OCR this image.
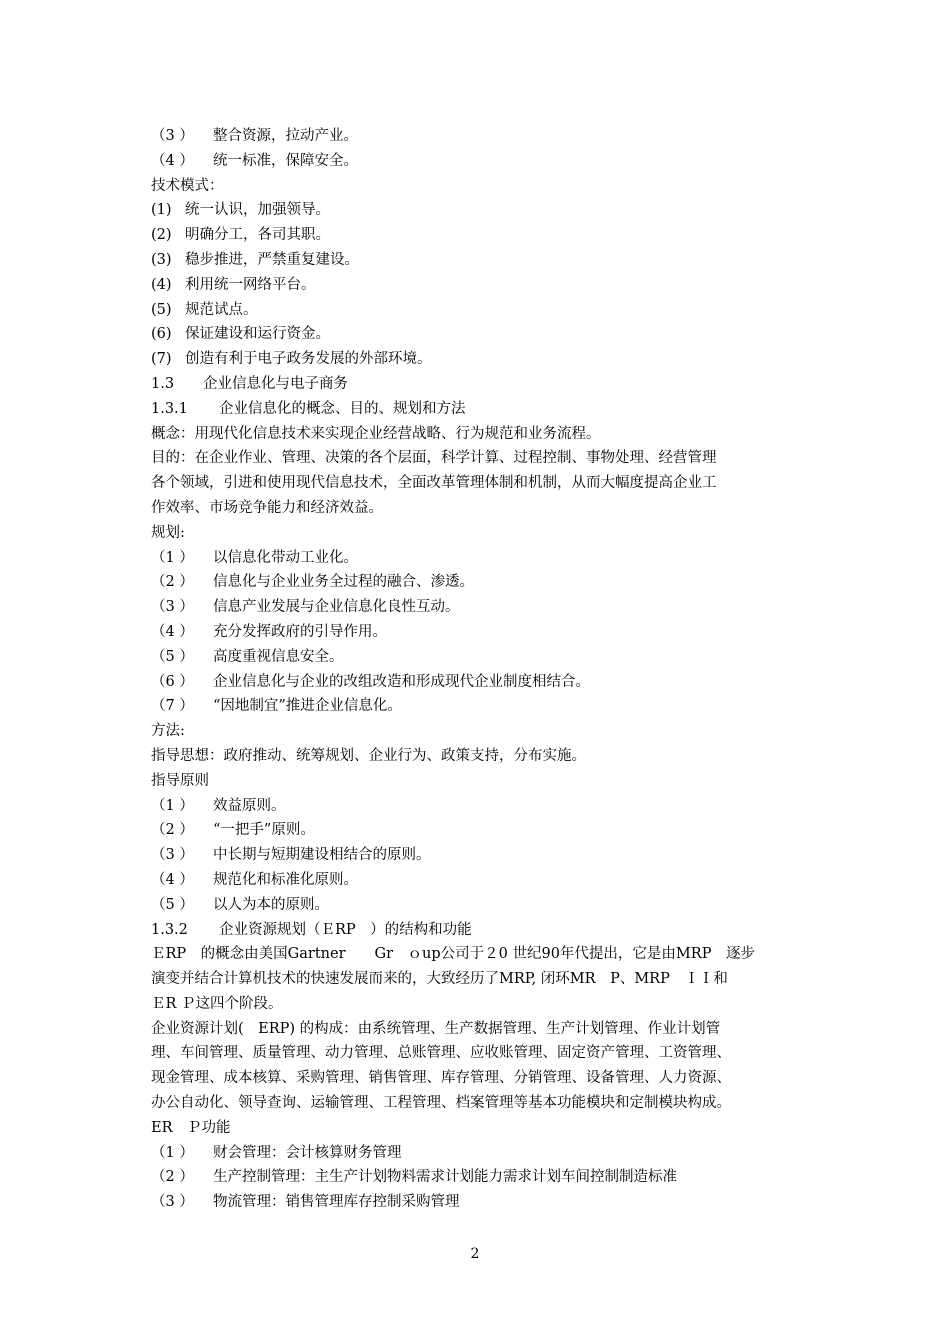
（3 ） 整合资源，拉动产业。
（4 ） 统一标准，保障安全。
技术模式：
(1) 统一认识，加强领导。
(2) 明确分工，各司其职。
(3) 稳步推进，严禁重复建设。
(4) 利用统一网络平台。
(5) 规范试点。
(6) 保证建设和运行资金。
(7) 创造有利于电子政务发展的外部环境。
1.3 企业信息化与电子商务
1.3.1 企业信息化的概念、目的、规划和方法
概念：用现代化信息技术来实现企业经营战略、行为规范和业务流程。
目的：在企业作业、管理、决策的各个层面，科学计算、过程控制、事物处理、经营管理
各个领域，引进和使用现代信息技术，全面改革管理体制和机制，从而大幅度提高企业工
作效率、市场竞争能力和经济效益。
规划:
（1 ） 以信息化带动工业化。
（2 ） 信息化与企业业务全过程的融合、渗透。
（3 ） 信息产业发展与企业信息化良性互动。
（4 ） 充分发挥政府的引导作用。
（5 ） 高度重视信息安全。
（6 ） 企业信息化与企业的改组改造和形成现代企业制度相结合。
（7 ） “因地制宜”推进企业信息化。
方法:
指导思想：政府推动、统筹规划、企业行为、政策支持，分布实施。
指导原则
（1 ） 效益原则。
（2 ） “一把手”原则。
（3 ） 中长期与短期建设相结合的原则。
（4 ） 规范化和标准化原则。
（5 ） 以人为本的原则。
1.3.2 企业资源规划（ＥRP　）的结构和功能
ＥRP　的概念由美国Gartner　　Gr　ｏup公司于２0 世纪90年代提出，它是由MRP　逐步
演变并结合计算机技术的快速发展而来的，大致经历了MRP, 闭环MR　P、MRP　ＩＩ和
ＥR Ｐ这四个阶段。
企业资源计划(　ERP) 的构成：由系统管理、生产数据管理、生产计划管理、作业计划管
理、车间管理、质量管理、动力管理、总账管理、应收账管理、固定资产管理、工资管理、
现金管理、成本核算、采购管理、销售管理、库存管理、分销管理、设备管理、人力资源、
办公自动化、领导查询、运输管理、工程管理、档案管理等基本功能模块和定制模块构成。
ER　Ｐ功能
（1 ） 财会管理：会计核算财务管理
（2 ） 生产控制管理：主生产计划物料需求计划能力需求计划车间控制制造标准
（3 ） 物流管理：销售管理库存控制采购管理
2
